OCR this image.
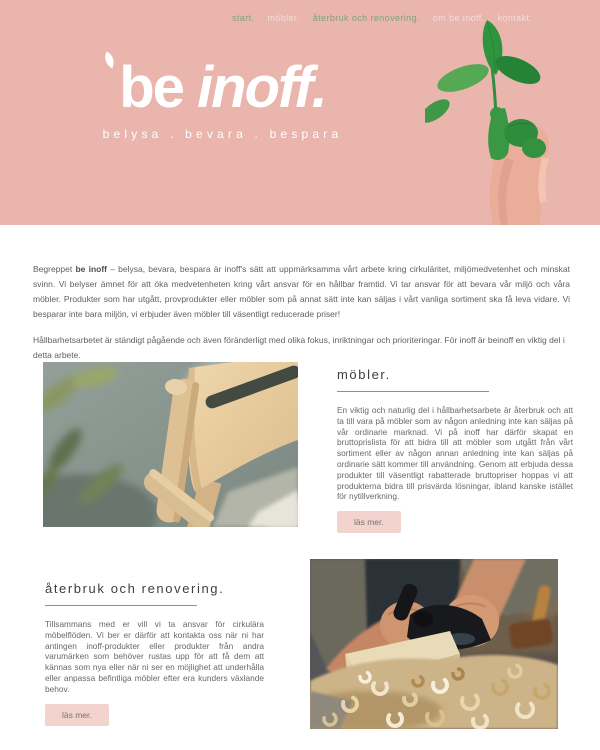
start. möbler. återbruk och renovering. om be inoff. kontakt.
be inoff.
belysa . bevara . bespara

Begreppet be inoff – belysa, bevara, bespara är inoff's sätt att uppmärksamma vårt arbete kring cirkuläritet, miljömedvetenhet och minskat svinn. Vi belyser ämnet för att öka medvetenheten kring vårt ansvar för en hållbar framtid. Vi tar ansvar för att bevara vår miljö och våra möbler. Produkter som har utgått, provprodukter eller möbler som på annat sätt inte kan säljas i vårt vanliga sortiment ska få leva vidare. Vi besparar inte bara miljön, vi erbjuder även möbler till väsentligt reducerade priser!

Hållbarhetsarbetet är ständigt pågående och även föränderligt med olika fokus, inriktningar och prioriteringar. För inoff är beinoff en viktig del i detta arbete.

möbler.

En viktig och naturlig del i hållbarhetsarbete är återbruk och att ta till vara på möbler som av någon anledning inte kan säljas på vår ordinarie marknad. Vi på inoff har därför skapat en bruttoprislista för att bidra till att möbler som utgått från vårt sortiment eller av någon annan anledning inte kan säljas på ordinarie sätt kommer till användning. Genom att erbjuda dessa produkter till väsentligt rabatterade bruttopriser hoppas vi att produkterna bidra till prisvärda lösningar, ibland kanske istället för nytillverkning.

läs mer.
återbruk och renovering.

Tillsammans med er vill vi ta ansvar för cirkulära möbelflöden. Vi ber er därför att kontakta oss när ni har antingen inoff-produkter eller produkter från andra varumärken som behöver rustas upp för att få dem att kännas som nya eller när ni ser en möjlighet att underhålla eller anpassa befintliga möbler efter era kunders växlande behov.

läs mer.
